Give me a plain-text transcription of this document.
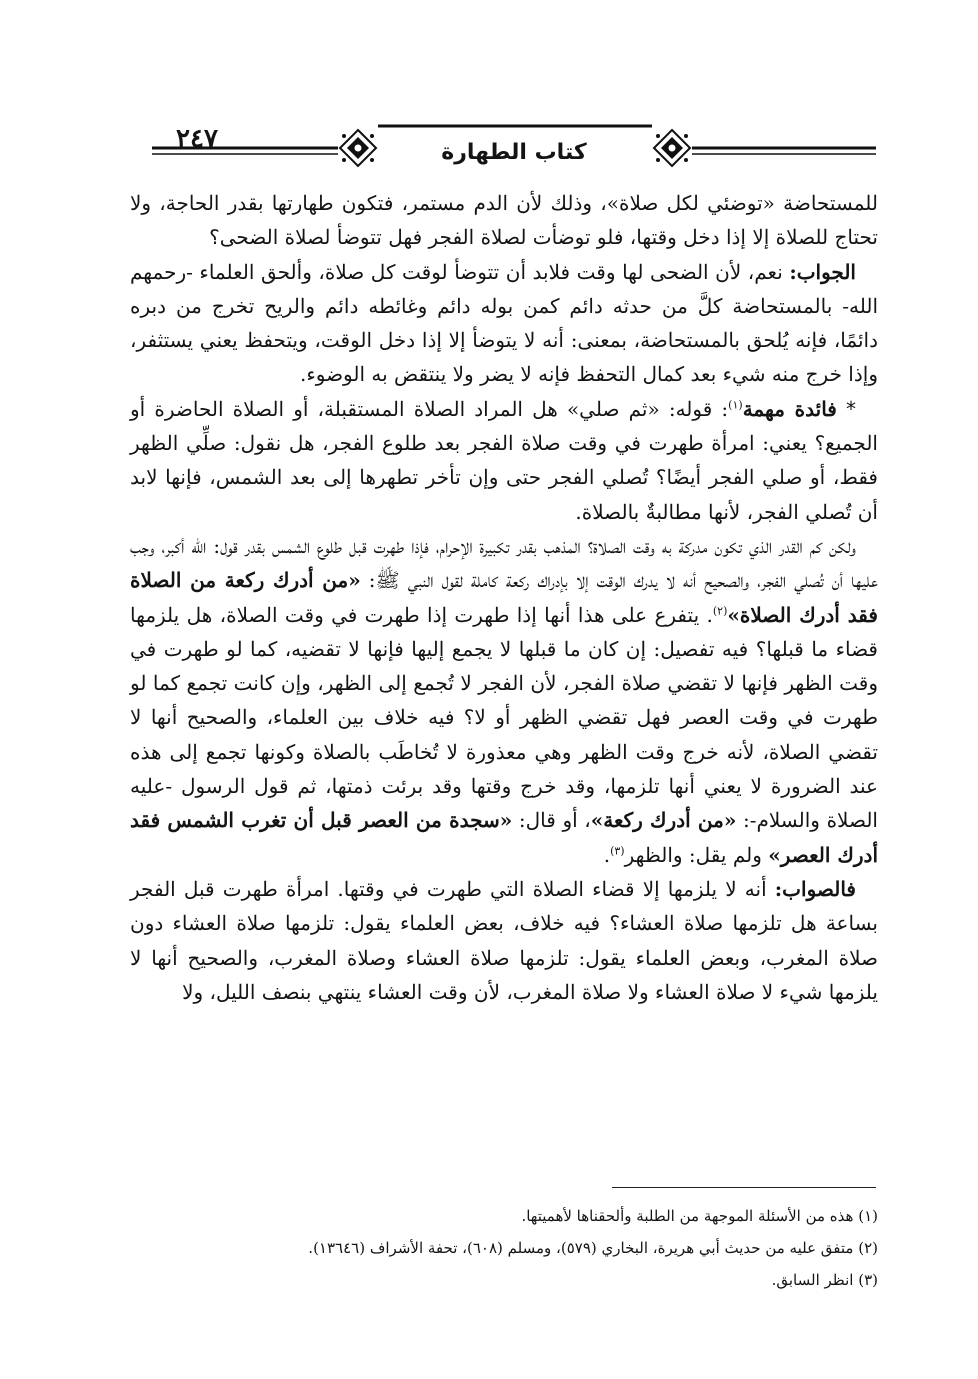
٢٤٧	كتاب الطهارة

للمستحاضة «توضئي لكل صلاة»، وذلك لأن الدم مستمر، فتكون طهارتها بقدر الحاجة، ولا تحتاج للصلاة إلا إذا دخل وقتها، فلو توضأت لصلاة الفجر فهل تتوضأ لصلاة الضحى؟

الجواب: نعم، لأن الضحى لها وقت فلابد أن تتوضأ لوقت كل صلاة، وألحق العلماء -رحمهم الله- بالمستحاضة كلَّ من حدثه دائم كمن بوله دائم وغائطه دائم والريح تخرج من دبره دائمًا، فإنه يُلحق بالمستحاضة، بمعنى: أنه لا يتوضأ إلا إذا دخل الوقت، ويتحفظ يعني يستثفر، وإذا خرج منه شيء بعد كمال التحفظ فإنه لا يضر ولا ينتقض به الوضوء.

* فائدة مهمة$^{(١)}$: قوله: «ثم صلي» هل المراد الصلاة المستقبلة، أو الصلاة الحاضرة أو الجميع؟ يعني: امرأة طهرت في وقت صلاة الفجر بعد طلوع الفجر، هل نقول: صلِّي الظهر فقط، أو صلي الفجر أيضًا؟ تُصلي الفجر حتى وإن تأخر تطهرها إلى بعد الشمس، فإنها لابد أن تُصلي الفجر، لأنها مطالبةٌ بالصلاة.

ولكن كم القدر الذي تكون مدركة به وقت الصلاة؟ المذهب بقدر تكبيرة الإحرام، فإذا طهرت قبل طلوع الشمس بقدر قول: الله أكبر، وجب عليها أن تُصلي الفجر، والصحيح أنه لا يدرك الوقت إلا بإدراك ركعة كاملة لقول النبي ﷺ: «من أدرك ركعة من الصلاة فقد أدرك الصلاة»$^{(٢)}$. يتفرع على هذا أنها إذا طهرت إذا طهرت في وقت الصلاة، هل يلزمها قضاء ما قبلها؟ فيه تفصيل: إن كان ما قبلها لا يجمع إليها فإنها لا تقضيه، كما لو طهرت في وقت الظهر فإنها لا تقضي صلاة الفجر، لأن الفجر لا تُجمع إلى الظهر، وإن كانت تجمع كما لو طهرت في وقت العصر فهل تقضي الظهر أو لا؟ فيه خلاف بين العلماء، والصحيح أنها لا تقضي الصلاة، لأنه خرج وقت الظهر وهي معذورة لا تُخاطَب بالصلاة وكونها تجمع إلى هذه عند الضرورة لا يعني أنها تلزمها، وقد خرج وقتها وقد برئت ذمتها، ثم قول الرسول -عليه الصلاة والسلام-: «من أدرك ركعة»، أو قال: «سجدة من العصر قبل أن تغرب الشمس فقد أدرك العصر» ولم يقل: والظهر$^{(٣)}$.

فالصواب: أنه لا يلزمها إلا قضاء الصلاة التي طهرت في وقتها. امرأة طهرت قبل الفجر بساعة هل تلزمها صلاة العشاء؟ فيه خلاف، بعض العلماء يقول: تلزمها صلاة العشاء دون صلاة المغرب، وبعض العلماء يقول: تلزمها صلاة العشاء وصلاة المغرب، والصحيح أنها لا يلزمها شيء لا صلاة العشاء ولا صلاة المغرب، لأن وقت العشاء ينتهي بنصف الليل، ولا

(١) هذه من الأسئلة الموجهة من الطلبة وألحقناها لأهميتها.
(٢) متفق عليه من حديث أبي هريرة، البخاري (٥٧٩)، ومسلم (٦٠٨)، تحفة الأشراف (١٣٦٤٦).
(٣) انظر السابق.
